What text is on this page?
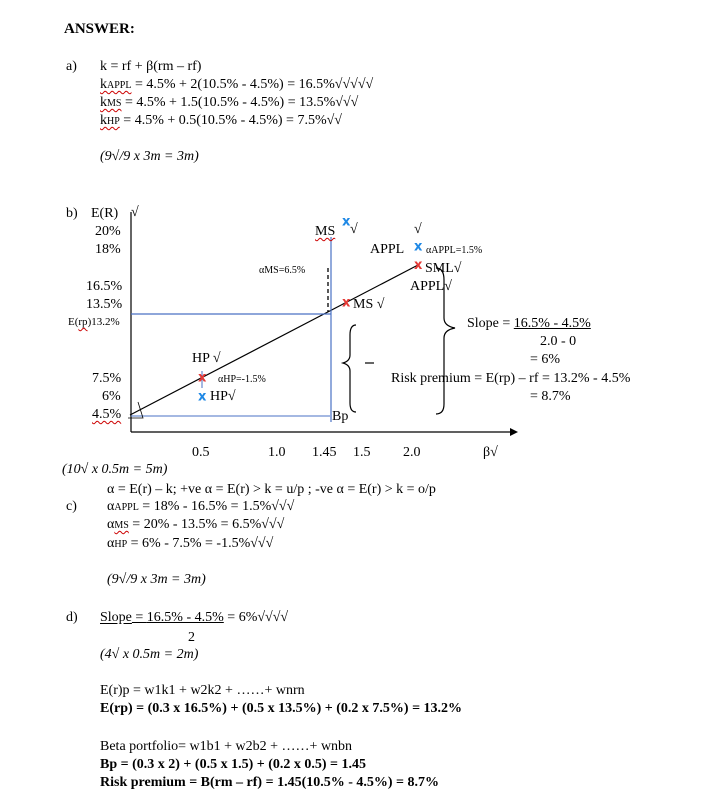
ANSWER:
a) k = rf + β(rm – rf)
kAPPL = 4.5% + 2(10.5% - 4.5%) = 16.5%√√√√√
kMS = 4.5% + 1.5(10.5% - 4.5%) = 13.5%√√√
kHP = 4.5% + 0.5(10.5% - 4.5%) = 7.5%√√
(9√/9 x 3m = 3m)
b) E(R) √
x
x
x
x
x
x
20%
18%
16.5%
13.5%
E(rp)13.2%
7.5%
6%
4.5%
0.5	1.0 1.45 1.5 2.0	β√
MS √	√
APPL αAPPL=1.5%
αMS=6.5%	SML√
APPL√
MS √
HP √
αHP=-1.5%
HP√
Bp
Slope = 16.5% - 4.5%
2.0 - 0
= 6%
Risk premium = E(rp) – rf = 13.2% - 4.5%
= 8.7%
(10√ x 0.5m = 5m)
α = E(r) – k; +ve α = E(r) > k = u/p ; -ve α = E(r) > k = o/p
c) αAPPL = 18% - 16.5% = 1.5%√√√
αMS = 20% - 13.5% = 6.5%√√√
αHP = 6% - 7.5% = -1.5%√√√
(9√/9 x 3m = 3m)
d) Slope = 16.5% - 4.5% = 6%√√√√
2
(4√ x 0.5m = 2m)
E(r)p = w1k1 + w2k2 + ……+ wnrn
E(rp) = (0.3 x 16.5%) + (0.5 x 13.5%) + (0.2 x 7.5%) = 13.2%
Beta portfolio= w1b1 + w2b2 + ……+ wnbn
Bp = (0.3 x 2) + (0.5 x 1.5) + (0.2 x 0.5) = 1.45
Risk premium = B(rm – rf) = 1.45(10.5% - 4.5%) = 8.7%
